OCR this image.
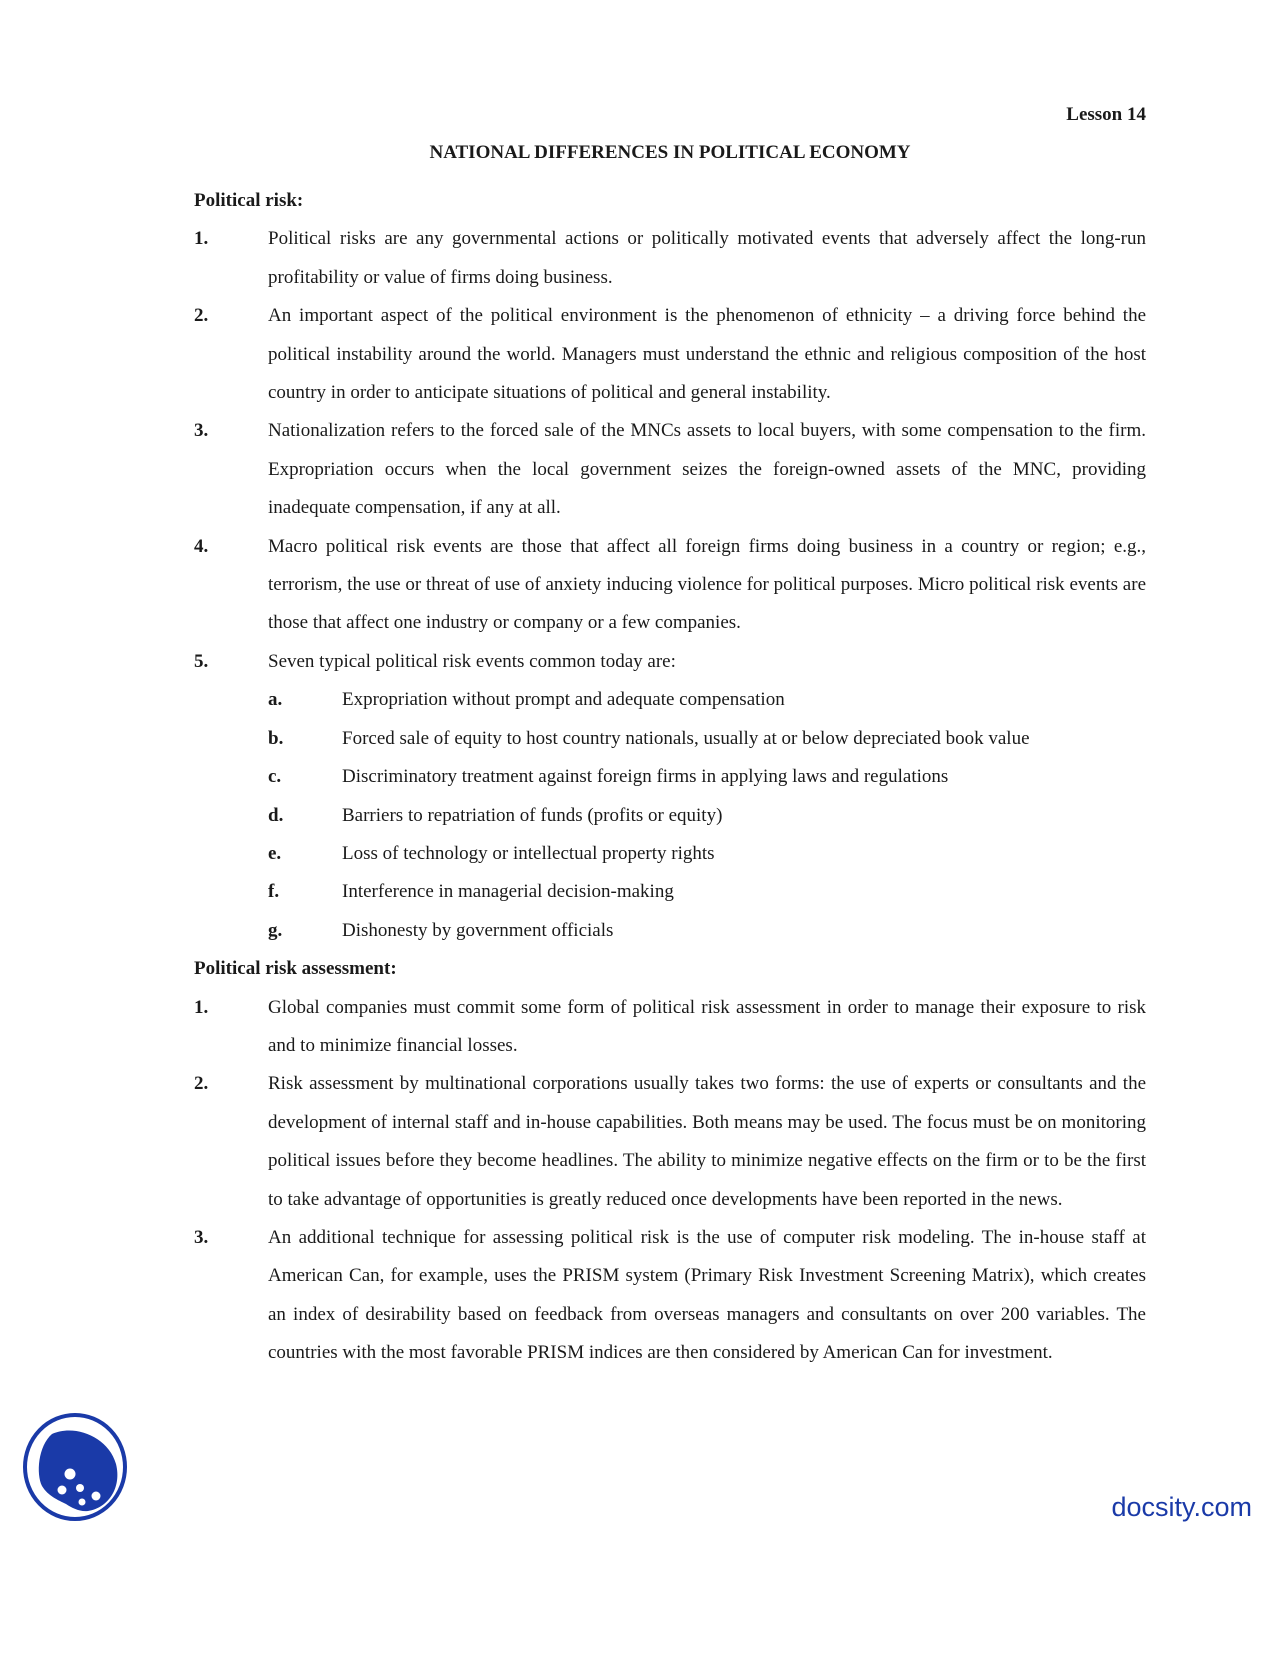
Lesson 14
NATIONAL DIFFERENCES IN POLITICAL ECONOMY

Political risk:

1.	Political risks are any governmental actions or politically motivated events that adversely affect the long-run profitability or value of firms doing business.
2.	An important aspect of the political environment is the phenomenon of ethnicity – a driving force behind the political instability around the world. Managers must understand the ethnic and religious composition of the host country in order to anticipate situations of political and general instability.
3.	Nationalization refers to the forced sale of the MNCs assets to local buyers, with some compensation to the firm. Expropriation occurs when the local government seizes the foreign-owned assets of the MNC, providing inadequate compensation, if any at all.
4.	Macro political risk events are those that affect all foreign firms doing business in a country or region; e.g., terrorism, the use or threat of use of anxiety inducing violence for political purposes. Micro political risk events are those that affect one industry or company or a few companies.
5.	Seven typical political risk events common today are:
a.	Expropriation without prompt and adequate compensation
b.	Forced sale of equity to host country nationals, usually at or below depreciated book value
c.	Discriminatory treatment against foreign firms in applying laws and regulations
d.	Barriers to repatriation of funds (profits or equity)
e.	Loss of technology or intellectual property rights
f.	Interference in managerial decision-making
g.	Dishonesty by government officials

Political risk assessment:

1.	Global companies must commit some form of political risk assessment in order to manage their exposure to risk and to minimize financial losses.
2.	Risk assessment by multinational corporations usually takes two forms: the use of experts or consultants and the development of internal staff and in-house capabilities. Both means may be used. The focus must be on monitoring political issues before they become headlines. The ability to minimize negative effects on the firm or to be the first to take advantage of opportunities is greatly reduced once developments have been reported in the news.
3.	An additional technique for assessing political risk is the use of computer risk modeling. The in-house staff at American Can, for example, uses the PRISM system (Primary Risk Investment Screening Matrix), which creates an index of desirability based on feedback from overseas managers and consultants on over 200 variables. The countries with the most favorable PRISM indices are then considered by American Can for investment.
docsity.com
